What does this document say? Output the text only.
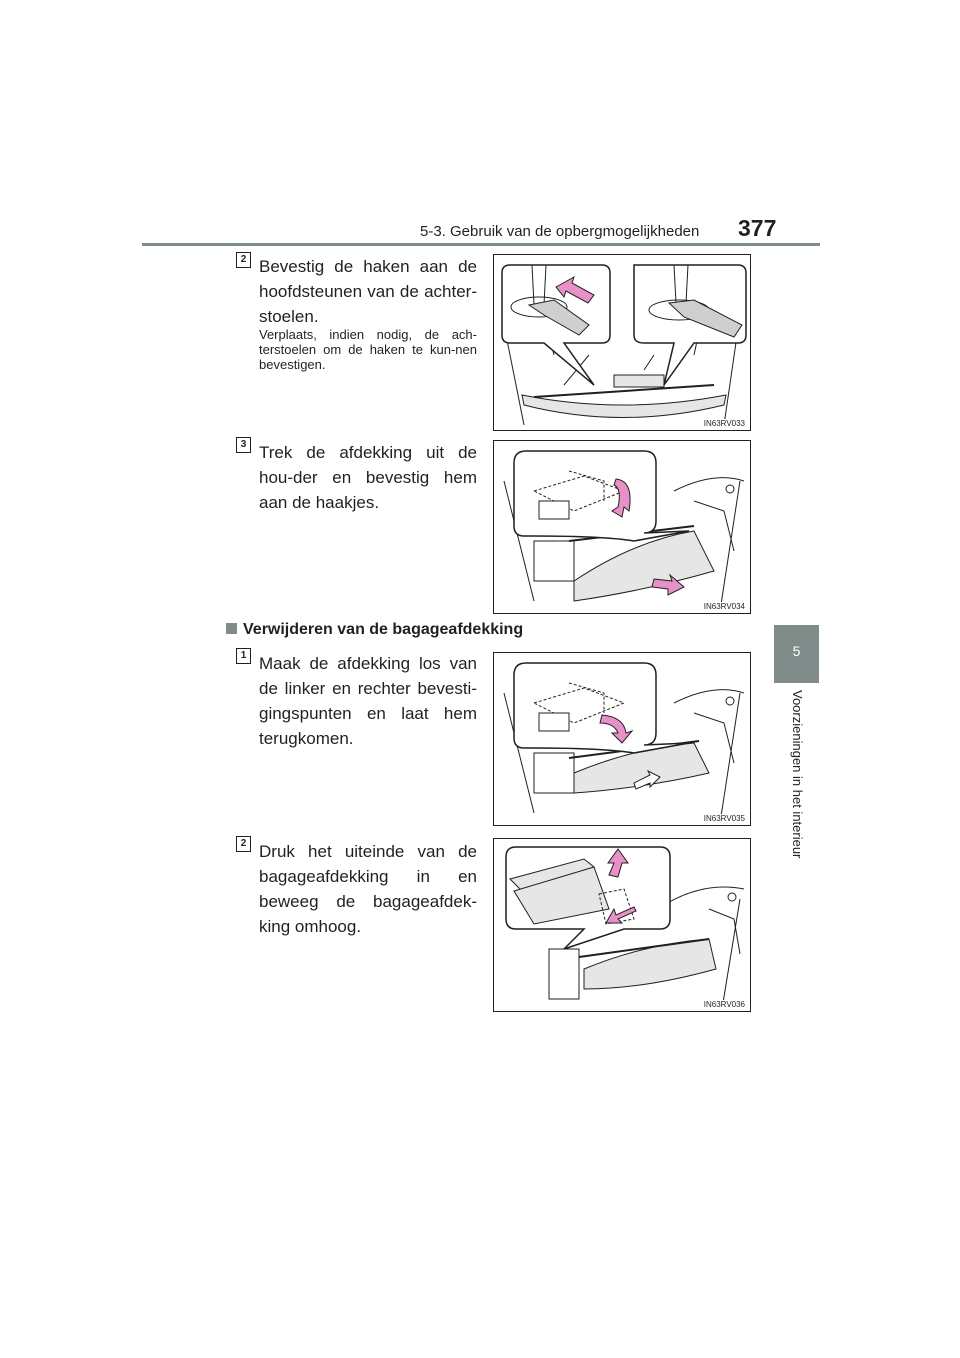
5-3. Gebruik van de opbergmogelijkheden 377
5
Voorzieningen in het interieur
2 Bevestig de haken aan de hoofdsteunen van de achter-stoelen.
Verplaats, indien nodig, de ach-terstoelen om de haken te kun-nen bevestigen.
IN63RV033
3 Trek de afdekking uit de hou-der en bevestig hem aan de haakjes.
IN63RV034
Verwijderen van de bagageafdekking
1 Maak de afdekking los van de linker en rechter bevesti-gingspunten en laat hem terugkomen.
IN63RV035
2 Druk het uiteinde van de bagageafdekking in en beweeg de bagageafdek-king omhoog.
IN63RV036
